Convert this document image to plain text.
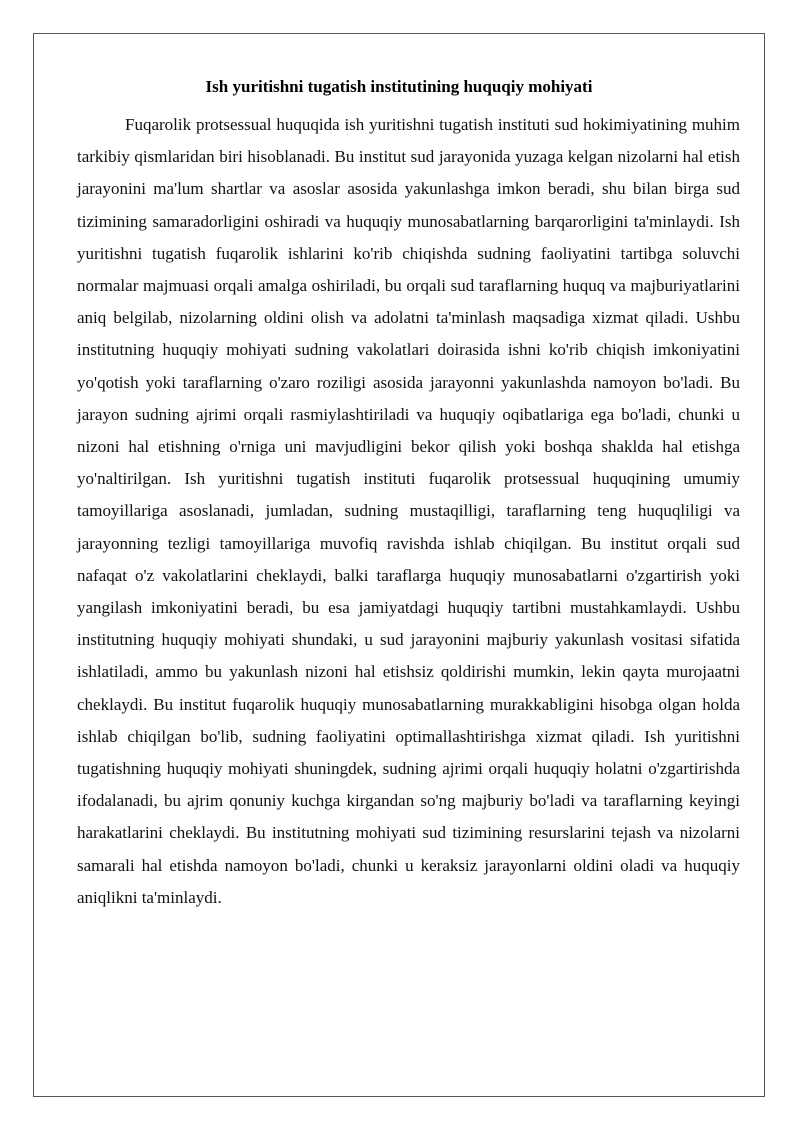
Ish yuritishni tugatish institutining huquqiy mohiyati

Fuqarolik protsessual huquqida ish yuritishni tugatish instituti sud hokimiyatining muhim tarkibiy qismlaridan biri hisoblanadi. Bu institut sud jarayonida yuzaga kelgan nizolarni hal etish jarayonini ma'lum shartlar va asoslar asosida yakunlashga imkon beradi, shu bilan birga sud tizimining samaradorligini oshiradi va huquqiy munosabatlarning barqarorligini ta'minlaydi. Ish yuritishni tugatish fuqarolik ishlarini ko'rib chiqishda sudning faoliyatini tartibga soluvchi normalar majmuasi orqali amalga oshiriladi, bu orqali sud taraflarning huquq va majburiyatlarini aniq belgilab, nizolarning oldini olish va adolatni ta'minlash maqsadiga xizmat qiladi. Ushbu institutning huquqiy mohiyati sudning vakolatlari doirasida ishni ko'rib chiqish imkoniyatini yo'qotish yoki taraflarning o'zaro roziligi asosida jarayonni yakunlashda namoyon bo'ladi. Bu jarayon sudning ajrimi orqali rasmiylashtiriladi va huquqiy oqibatlariga ega bo'ladi, chunki u nizoni hal etishning o'rniga uni mavjudligini bekor qilish yoki boshqa shaklda hal etishga yo'naltirilgan. Ish yuritishni tugatish instituti fuqarolik protsessual huquqining umumiy tamoyillariga asoslanadi, jumladan, sudning mustaqilligi, taraflarning teng huquqliligi va jarayonning tezligi tamoyillariga muvofiq ravishda ishlab chiqilgan. Bu institut orqali sud nafaqat o'z vakolatlarini cheklaydi, balki taraflarga huquqiy munosabatlarni o'zgartirish yoki yangilash imkoniyatini beradi, bu esa jamiyatdagi huquqiy tartibni mustahkamlaydi. Ushbu institutning huquqiy mohiyati shundaki, u sud jarayonini majburiy yakunlash vositasi sifatida ishlatiladi, ammo bu yakunlash nizoni hal etishsiz qoldirishi mumkin, lekin qayta murojaatni cheklaydi. Bu institut fuqarolik huquqiy munosabatlarning murakkabligini hisobga olgan holda ishlab chiqilgan bo'lib, sudning faoliyatini optimallashtirishga xizmat qiladi. Ish yuritishni tugatishning huquqiy mohiyati shuningdek, sudning ajrimi orqali huquqiy holatni o'zgartirishda ifodalanadi, bu ajrim qonuniy kuchga kirgandan so'ng majburiy bo'ladi va taraflarning keyingi harakatlarini cheklaydi. Bu institutning mohiyati sud tizimining resurslarini tejash va nizolarni samarali hal etishda namoyon bo'ladi, chunki u keraksiz jarayonlarni oldini oladi va huquqiy aniqlikni ta'minlaydi.
